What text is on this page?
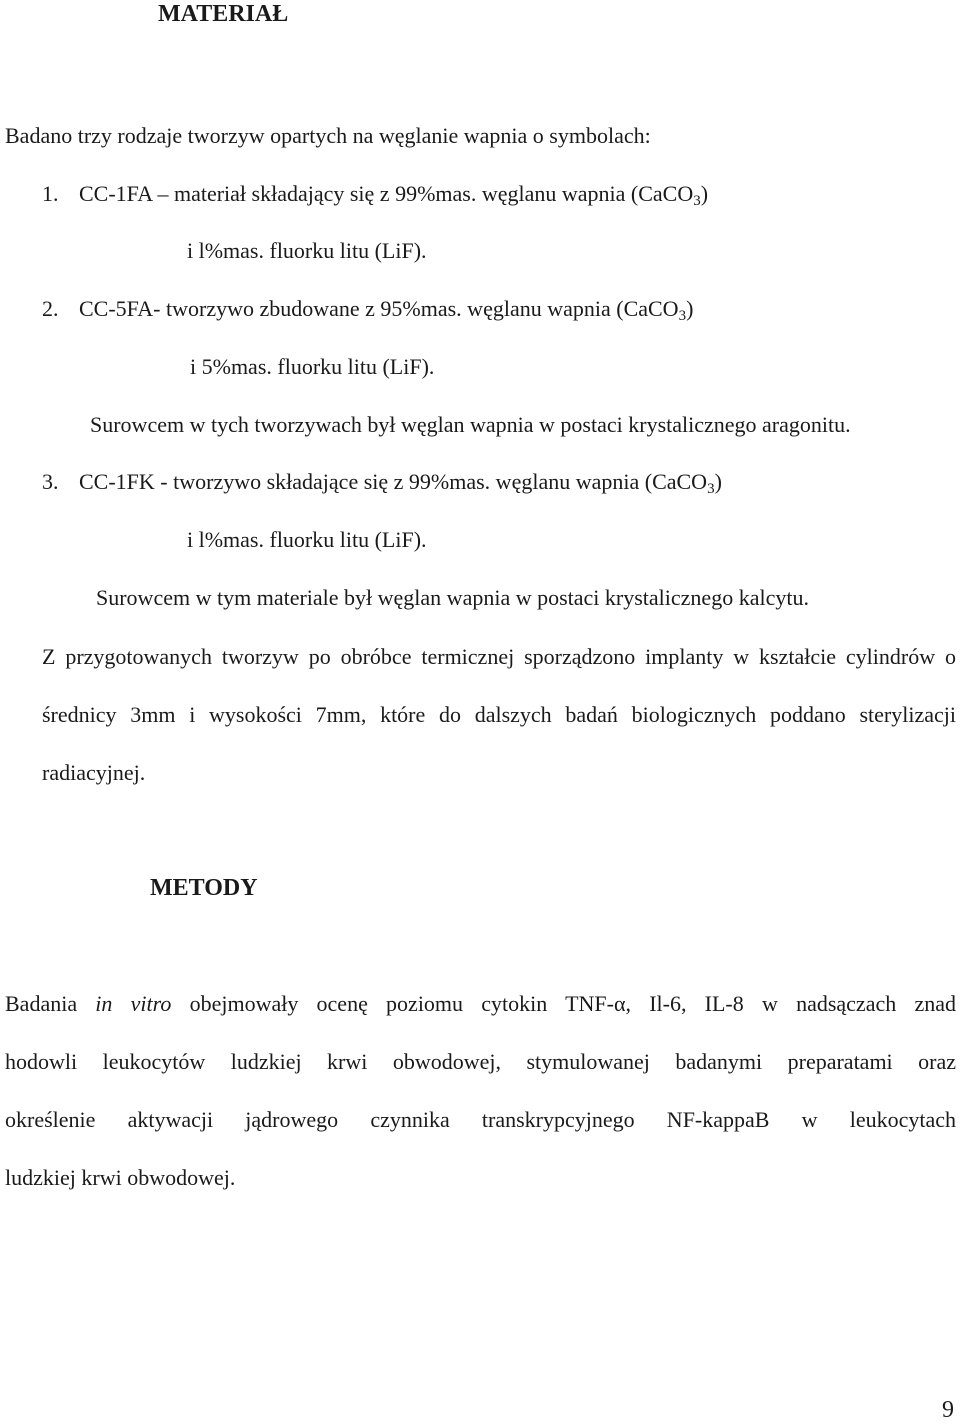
MATERIAŁ
Badano trzy rodzaje tworzyw opartych na węglanie wapnia o symbolach:
1. CC-1FA – materiał składający się z 99%mas. węglanu wapnia (CaCO3)
i l%mas. fluorku litu (LiF).
2. CC-5FA- tworzywo zbudowane z 95%mas. węglanu wapnia (CaCO3)
i 5%mas. fluorku litu (LiF).
Surowcem w tych tworzywach był węglan wapnia w postaci krystalicznego aragonitu.
3. CC-1FK - tworzywo składające się z 99%mas. węglanu wapnia (CaCO3)
i l%mas. fluorku litu (LiF).
Surowcem w tym materiale był węglan wapnia w postaci krystalicznego kalcytu.
Z przygotowanych tworzyw po obróbce termicznej sporządzono implanty w kształcie cylindrów o
średnicy 3mm i wysokości 7mm, które do dalszych badań biologicznych poddano sterylizacji
radiacyjnej.
METODY
Badania in vitro obejmowały ocenę poziomu cytokin TNF-α, Il-6, IL-8 w nadsączach znad
hodowli leukocytów ludzkiej krwi obwodowej, stymulowanej badanymi preparatami oraz
określenie aktywacji jądrowego czynnika transkrypcyjnego NF-kappaB w leukocytach
ludzkiej krwi obwodowej.
9
